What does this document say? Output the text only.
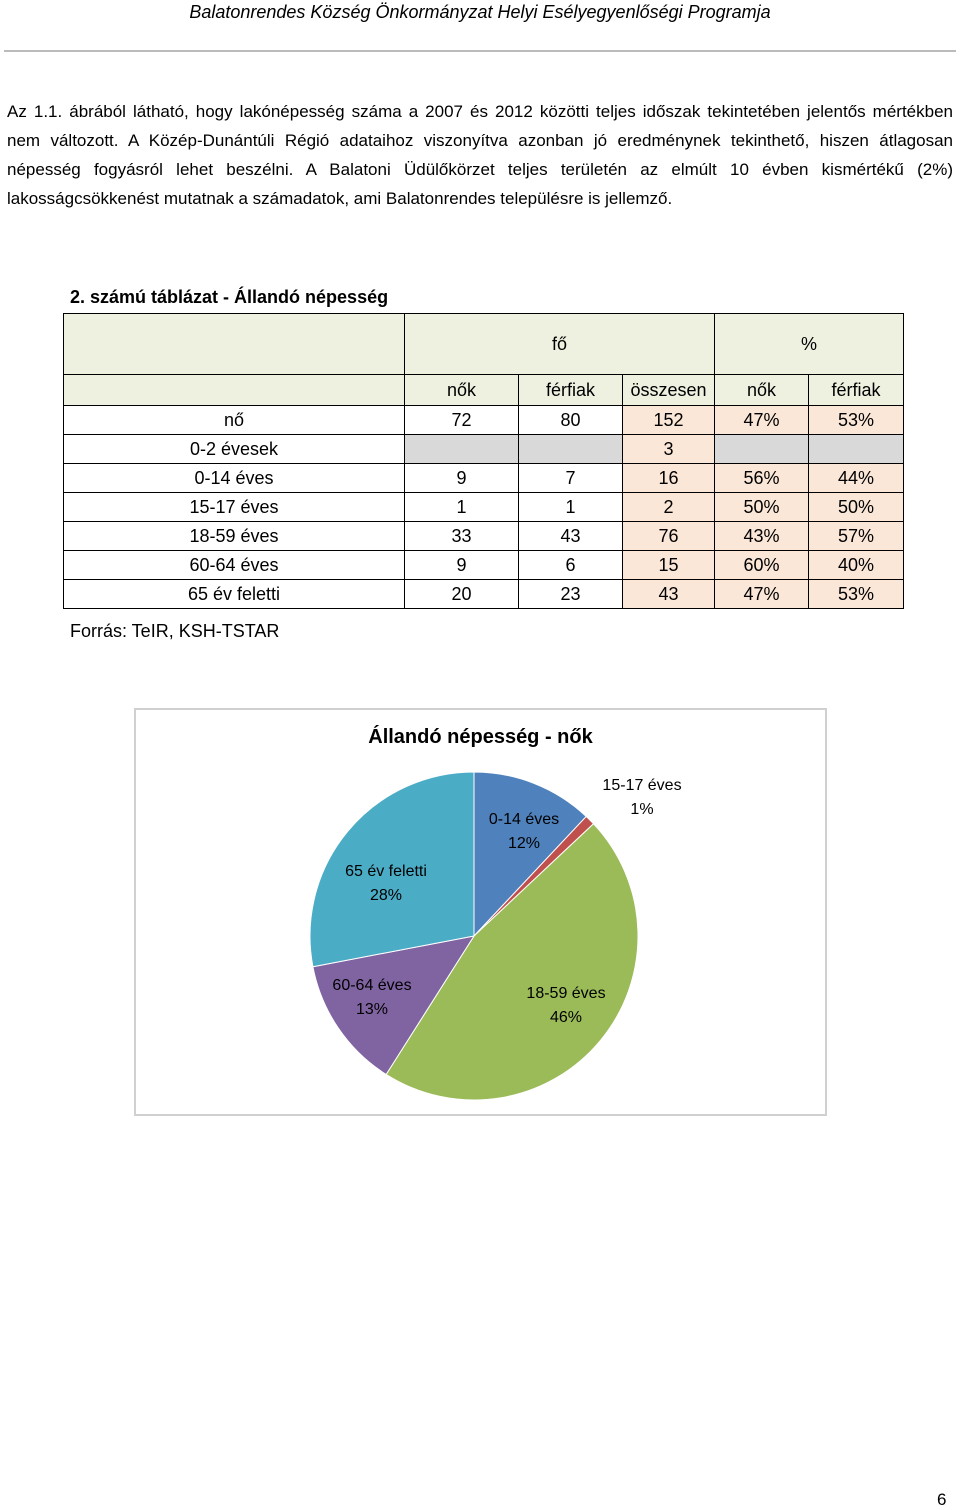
Balatonrendes Község Önkormányzat Helyi Esélyegyenlőségi Programja
Az 1.1. ábrából látható, hogy lakónépesség száma a 2007 és 2012 közötti teljes időszak tekintetében jelentős mértékben nem változott. A Közép-Dunántúli Régió adataihoz viszonyítva azonban jó eredménynek tekinthető, hiszen átlagosan népesség fogyásról lehet beszélni. A Balatoni Üdülőkörzet teljes területén az elmúlt 10 évben kismértékű (2%) lakosságcsökkenést mutatnak a számadatok, ami Balatonrendes településre is jellemző.
2. számú táblázat - Állandó népesség
	fő			%	
	nők	férfiak	összesen	nők	férfiak
nő	72	80	152	47%	53%
0-2 évesek			3		
0-14 éves	9	7	16	56%	44%
15-17 éves	1	1	2	50%	50%
18-59 éves	33	43	76	43%	57%
60-64 éves	9	6	15	60%	40%
65 év feletti	20	23	43	47%	53%
Forrás: TeIR, KSH-TSTAR
Állandó népesség - nők
0-14 éves
12%
15-17 éves
1%
18-59 éves
46%
60-64 éves
13%
65 év feletti
28%
6
